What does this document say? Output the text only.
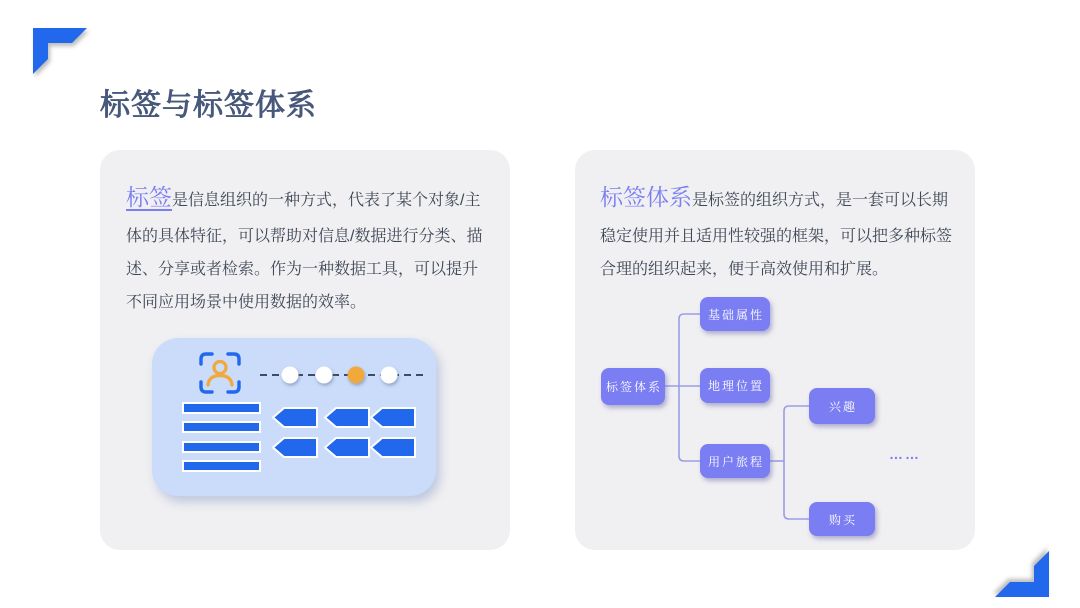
标签与标签体系

标签是信息组织的一种方式，代表了某个对象/主体的具体特征，可以帮助对信息/数据进行分类、描述、分享或者检索。作为一种数据工具，可以提升不同应用场景中使用数据的效率。

标签体系是标签的组织方式，是一套可以长期稳定使用并且适用性较强的框架，可以把多种标签合理的组织起来，便于高效使用和扩展。

标签体系
基础属性
地理位置
用户旅程
兴趣
购买
……
